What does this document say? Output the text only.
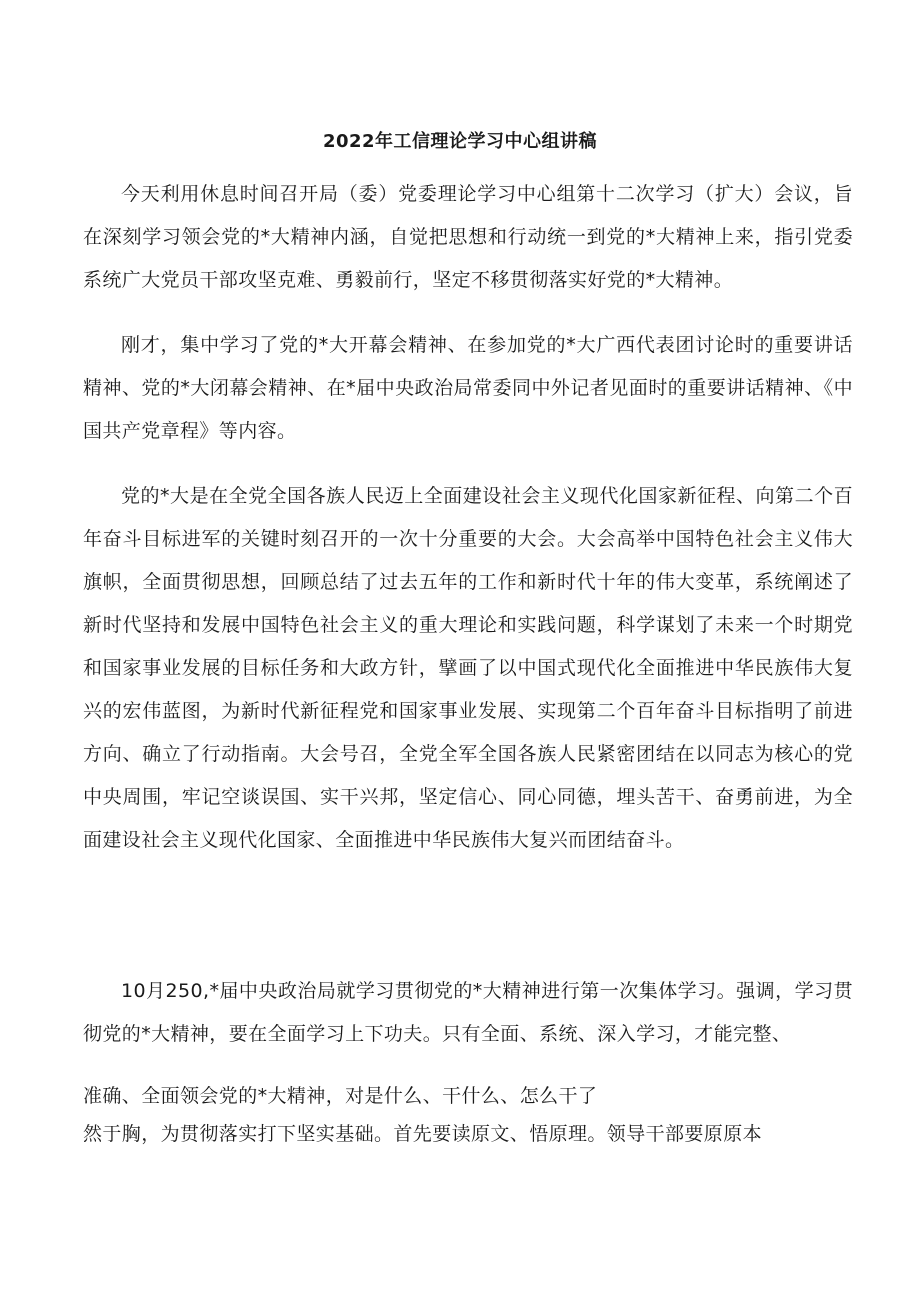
2022年工信理论学习中心组讲稿
今天利用休息时间召开局（委）党委理论学习中心组第十二次学习（扩大）会议，旨在深刻学习领会党的*大精神内涵，自觉把思想和行动统一到党的*大精神上来，指引党委系统广大党员干部攻坚克难、勇毅前行，坚定不移贯彻落实好党的*大精神。
刚才，集中学习了党的*大开幕会精神、在参加党的*大广西代表团讨论时的重要讲话精神、党的*大闭幕会精神、在*届中央政治局常委同中外记者见面时的重要讲话精神、《中国共产党章程》等内容。
党的*大是在全党全国各族人民迈上全面建设社会主义现代化国家新征程、向第二个百年奋斗目标进军的关键时刻召开的一次十分重要的大会。大会高举中国特色社会主义伟大旗帜，全面贯彻思想，回顾总结了过去五年的工作和新时代十年的伟大变革，系统阐述了新时代坚持和发展中国特色社会主义的重大理论和实践问题，科学谋划了未来一个时期党和国家事业发展的目标任务和大政方针，擘画了以中国式现代化全面推进中华民族伟大复兴的宏伟蓝图，为新时代新征程党和国家事业发展、实现第二个百年奋斗目标指明了前进方向、确立了行动指南。大会号召，全党全军全国各族人民紧密团结在以同志为核心的党中央周围，牢记空谈误国、实干兴邦，坚定信心、同心同德，埋头苦干、奋勇前进，为全面建设社会主义现代化国家、全面推进中华民族伟大复兴而团结奋斗。
10月250,*届中央政治局就学习贯彻党的*大精神进行第一次集体学习。强调，学习贯彻党的*大精神，要在全面学习上下功夫。只有全面、系统、深入学习，才能完整、
准确、全面领会党的*大精神，对是什么、干什么、怎么干了
然于胸，为贯彻落实打下坚实基础。首先要读原文、悟原理。领导干部要原原本
